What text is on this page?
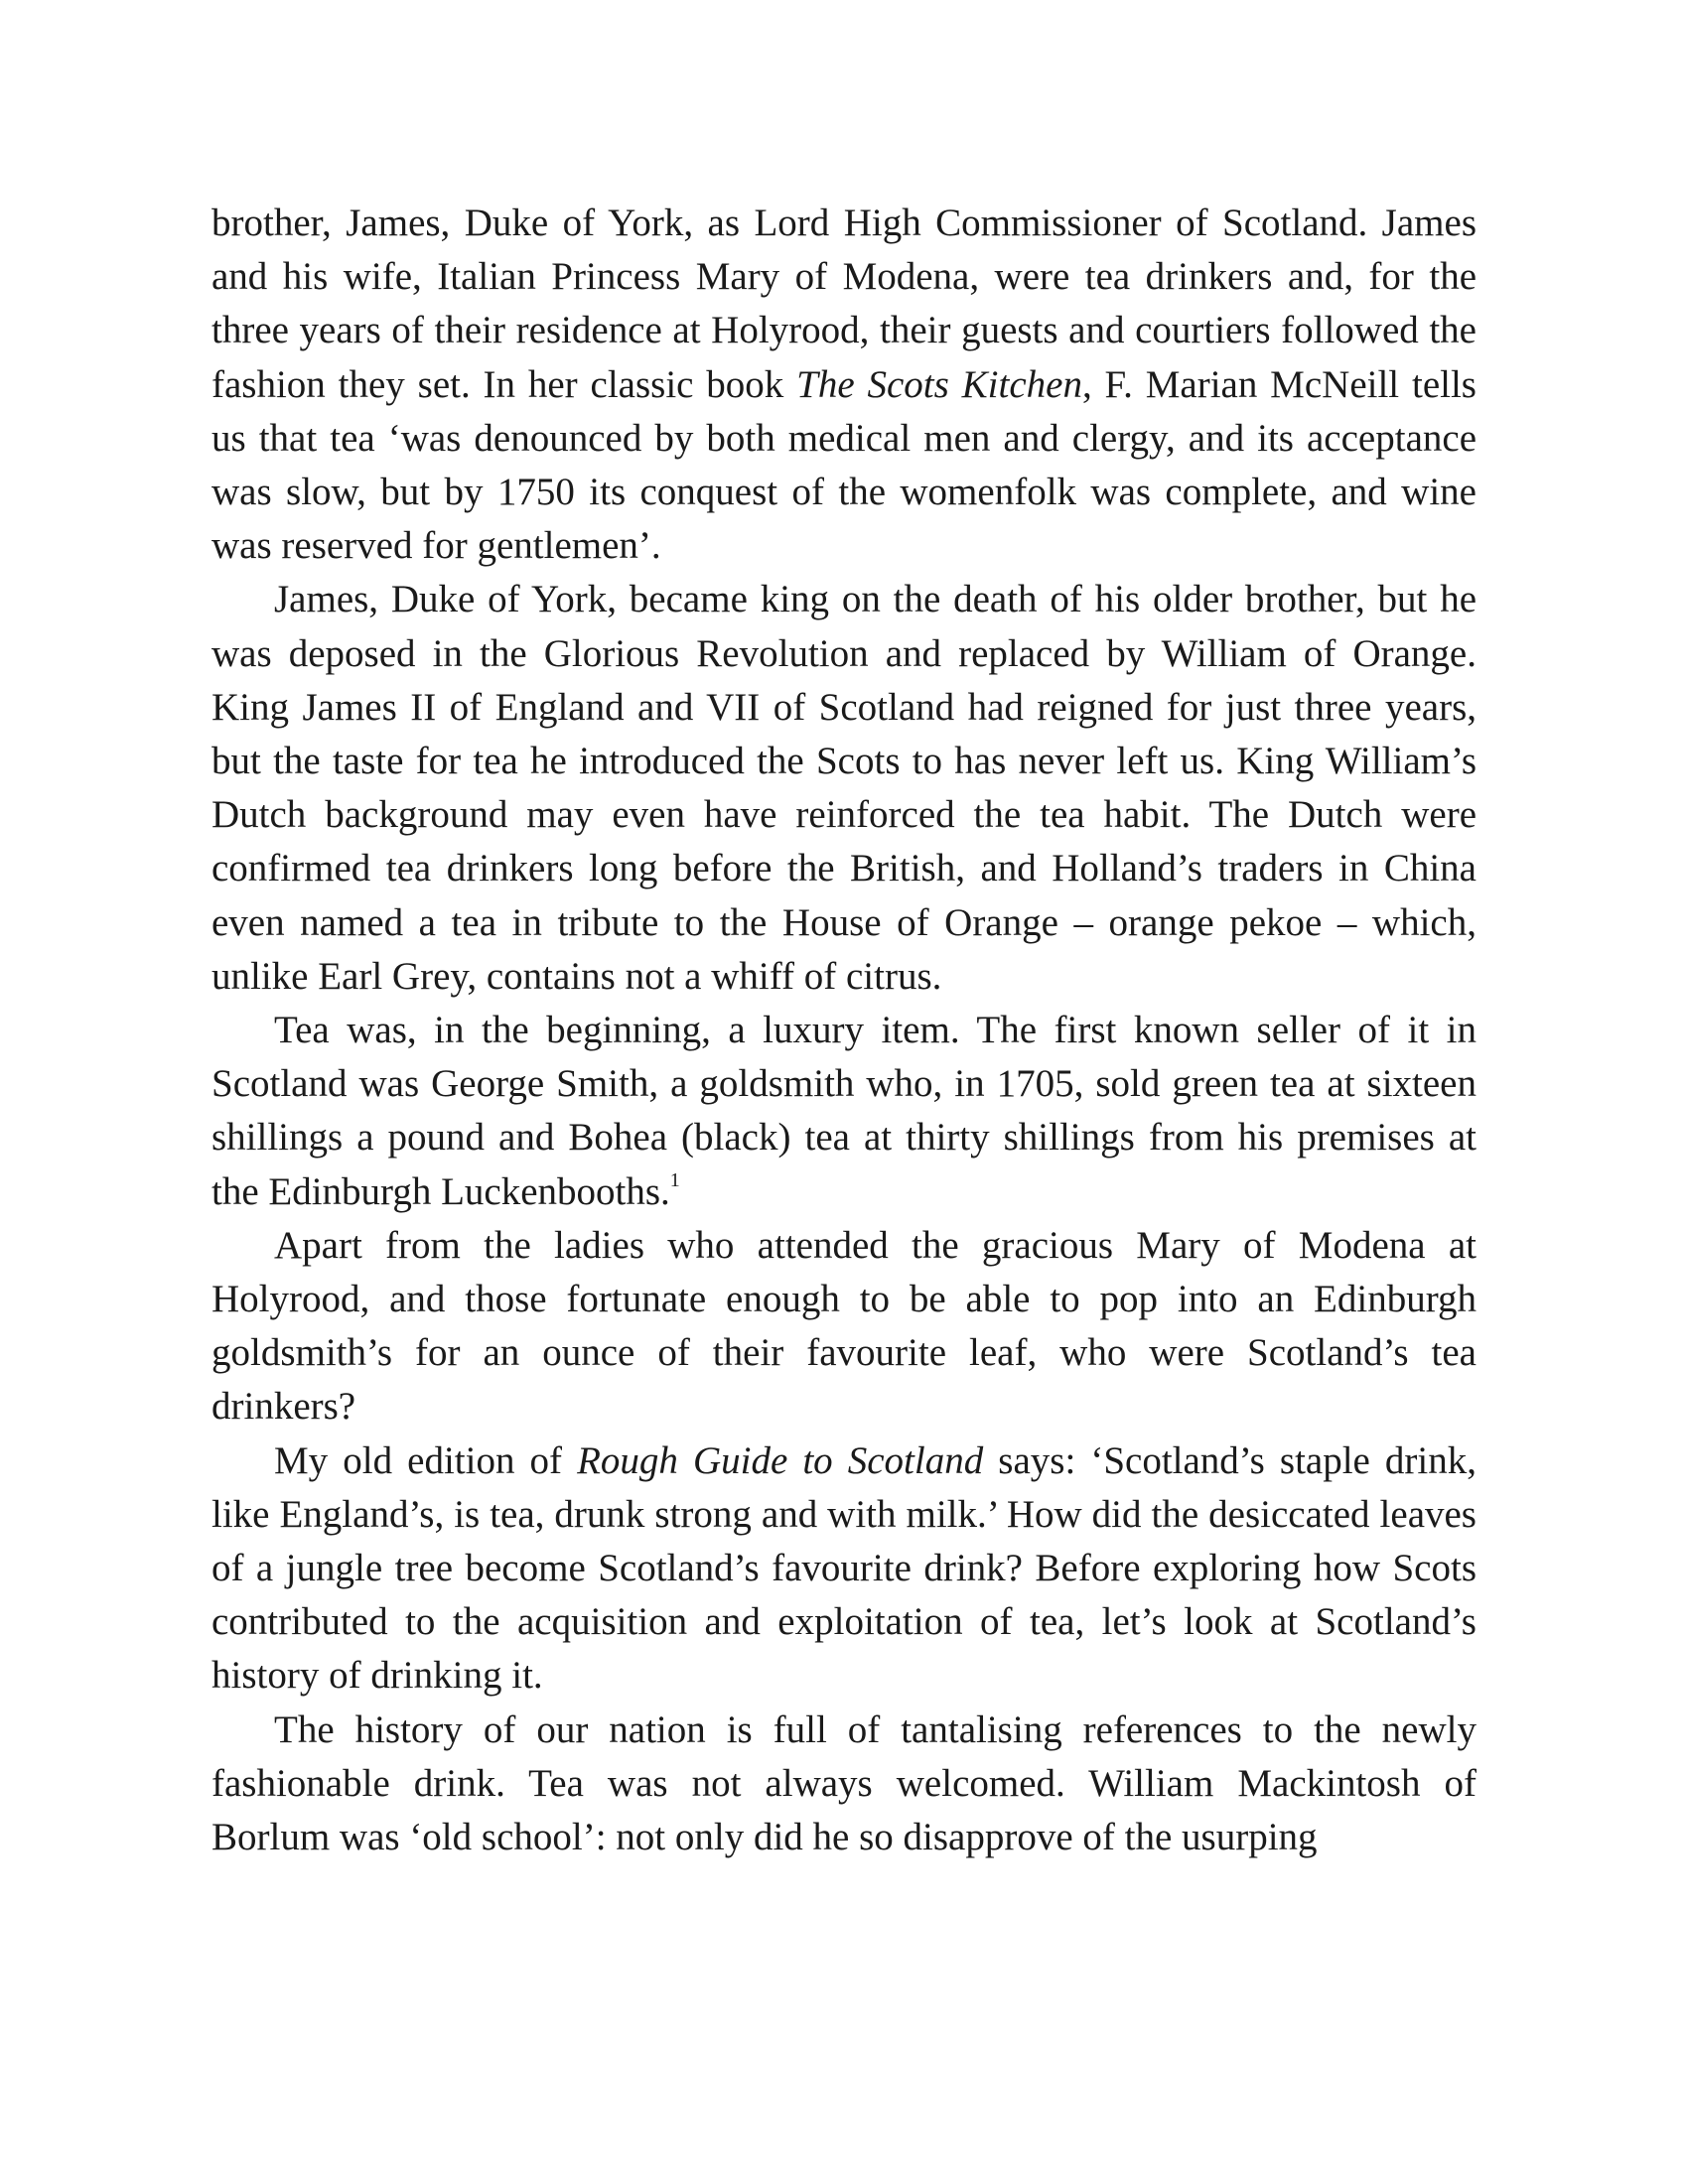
brother, James, Duke of York, as Lord High Commissioner of Scotland. James and his wife, Italian Princess Mary of Modena, were tea drinkers and, for the three years of their residence at Holyrood, their guests and courtiers followed the fashion they set. In her classic book The Scots Kitchen, F. Marian McNeill tells us that tea ‘was denounced by both medical men and clergy, and its acceptance was slow, but by 1750 its conquest of the womenfolk was complete, and wine was reserved for gentlemen’.

James, Duke of York, became king on the death of his older brother, but he was deposed in the Glorious Revolution and replaced by William of Orange. King James II of England and VII of Scotland had reigned for just three years, but the taste for tea he introduced the Scots to has never left us. King William’s Dutch background may even have reinforced the tea habit. The Dutch were confirmed tea drinkers long before the British, and Holland’s traders in China even named a tea in tribute to the House of Orange – orange pekoe – which, unlike Earl Grey, contains not a whiff of citrus.

Tea was, in the beginning, a luxury item. The first known seller of it in Scotland was George Smith, a goldsmith who, in 1705, sold green tea at sixteen shillings a pound and Bohea (black) tea at thirty shillings from his premises at the Edinburgh Luckenbooths.$^1$

Apart from the ladies who attended the gracious Mary of Modena at Holyrood, and those fortunate enough to be able to pop into an Edinburgh goldsmith’s for an ounce of their favourite leaf, who were Scotland’s tea drinkers?

My old edition of Rough Guide to Scotland says: ‘Scotland’s staple drink, like England’s, is tea, drunk strong and with milk.’ How did the desiccated leaves of a jungle tree become Scotland’s favourite drink? Before exploring how Scots contributed to the acquisition and exploitation of tea, let’s look at Scotland’s history of drinking it.

The history of our nation is full of tantalising references to the newly fashionable drink. Tea was not always welcomed. William Mackintosh of Borlum was ‘old school’: not only did he so disapprove of the usurping
